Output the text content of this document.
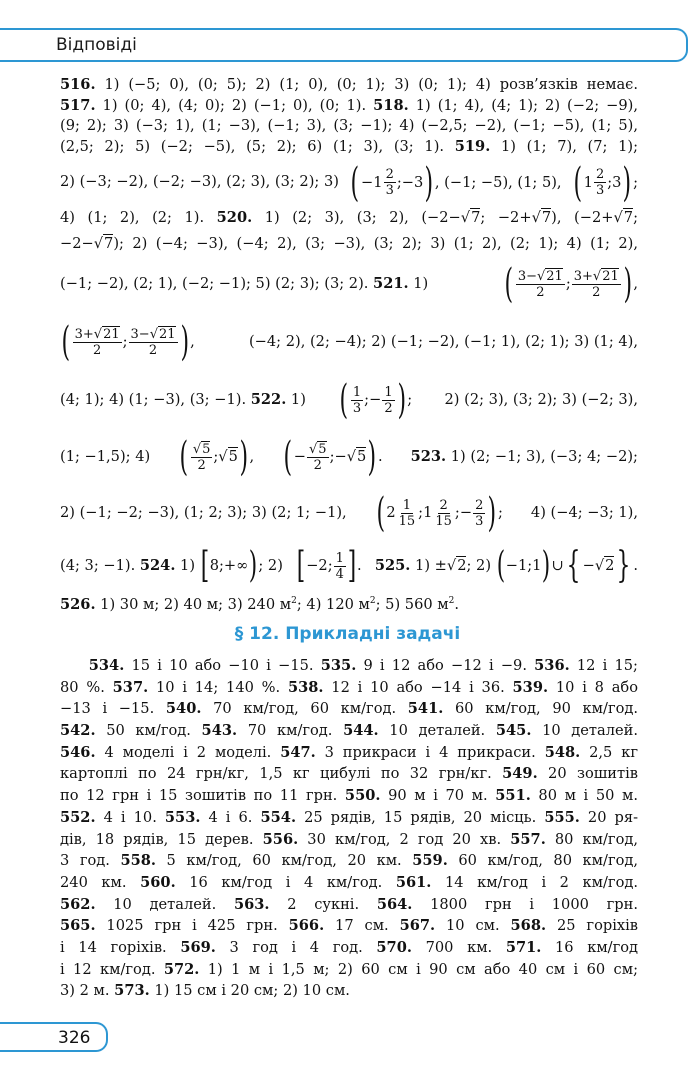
Відповіді
516. 1) (−5; 0), (0; 5); 2) (1; 0), (0; 1); 3) (0; 1); 4) розв’язків немає.
517. 1) (0; 4), (4; 0); 2) (−1; 0), (0; 1). 518. 1) (1; 4), (4; 1); 2) (−2; −9),
(9; 2); 3) (−3; 1), (1; −3), (−1; 3), (3; −1); 4) (−2,5; −2), (−1; −5), (1; 5),
(2,5; 2); 5) (−2; −5), (5; 2); 6) (1; 3), (3; 1). 519. 1) (1; 7), (7; 1);
2) (−3; −2), (−2; −3), (2; 3), (3; 2); 3) ( $-1 \frac{2}{3}$ ;−3) , (−1; −5), (1; 5), ( $1 \frac{2}{3}$ ;3) ;
4) (1; 2), (2; 1). 520. 1) (2; 3), (3; 2), (−2−√7; −2+√7), (−2+√7;
−2−√7); 2) (−4; −3), (−4; 2), (3; −3), (3; 2); 3) (1; 2), (2; 1); 4) (1; 2),
(−1; −2), (2; 1), (−2; −1); 5) (2; 3); (3; 2). 521. 1) ( $\frac{3-√21}{2}$ ; $\frac{3+√21}{2}$ ) ,
( $\frac{3+√21}{2}$ ; $\frac{3-√21}{2}$ ) ,	(−4; 2), (2; −4); 2) (−1; −2), (−1; 1), (2; 1); 3) (1; 4),
(4; 1); 4) (1; −3), (3; −1). 522. 1) ( $\frac{1}{3}$ ;− $\frac{1}{2}$ ) ; 2) (2; 3), (3; 2); 3) (−2; 3),
(1; −1,5); 4) ( $\frac{√5}{2}$ ;√5) , ( − $\frac{√5}{2}$ ;−√5) . 523. 1) (2; −1; 3), (−3; 4; −2);
2) (−1; −2; −3), (1; 2; 3); 3) (2; 1; −1), ( $2 \frac{1}{15}$ ;1 $\frac{2}{15}$ ;− $\frac{2}{3}$ ) ; 4) (−4; −3; 1),
(4; 3; −1). 524. 1) [8;+∞); 2) [−2; $\frac{1}{4}$ ]. 525. 1) ±√2; 2) (−1;1)∪{ −√2} .
526. 1) 30 м; 2) 40 м; 3) 240 $м^2$; 4) 120 $м^2$; 5) 560 $м^2$.
§ 12. Прикладні задачі
534. 15 і 10 або −10 і −15. 535. 9 і 12 або −12 і −9. 536. 12 і 15;
80 %. 537. 10 і 14; 140 %. 538. 12 і 10 або −14 і 36. 539. 10 і 8 або
−13 і −15. 540. 70 км/год, 60 км/год. 541. 60 км/год, 90 км/год.
542. 50 км/год. 543. 70 км/год. 544. 10 деталей. 545. 10 деталей.
546. 4 моделі і 2 моделі. 547. 3 прикраси і 4 прикраси. 548. 2,5 кг
картоплі по 24 грн/кг, 1,5 кг цибулі по 32 грн/кг. 549. 20 зошитів
по 12 грн і 15 зошитів по 11 грн. 550. 90 м і 70 м. 551. 80 м і 50 м.
552. 4 і 10. 553. 4 і 6. 554. 25 рядів, 15 рядів, 20 місць. 555. 20 ря-
дів, 18 рядів, 15 дерев. 556. 30 км/год, 2 год 20 хв. 557. 80 км/год,
3 год. 558. 5 км/год, 60 км/год, 20 км. 559. 60 км/год, 80 км/год,
240 км. 560. 16 км/год і 4 км/год. 561. 14 км/год і 2 км/год.
562. 10 деталей. 563. 2 сукні. 564. 1800 грн і 1000 грн.
565. 1025 грн і 425 грн. 566. 17 см. 567. 10 см. 568. 25 горіхів
і 14 горіхів. 569. 3 год і 4 год. 570. 700 км. 571. 16 км/год
і 12 км/год. 572. 1) 1 м і 1,5 м; 2) 60 см і 90 см або 40 см і 60 см;
3) 2 м. 573. 1) 15 см і 20 см; 2) 10 см.
326
